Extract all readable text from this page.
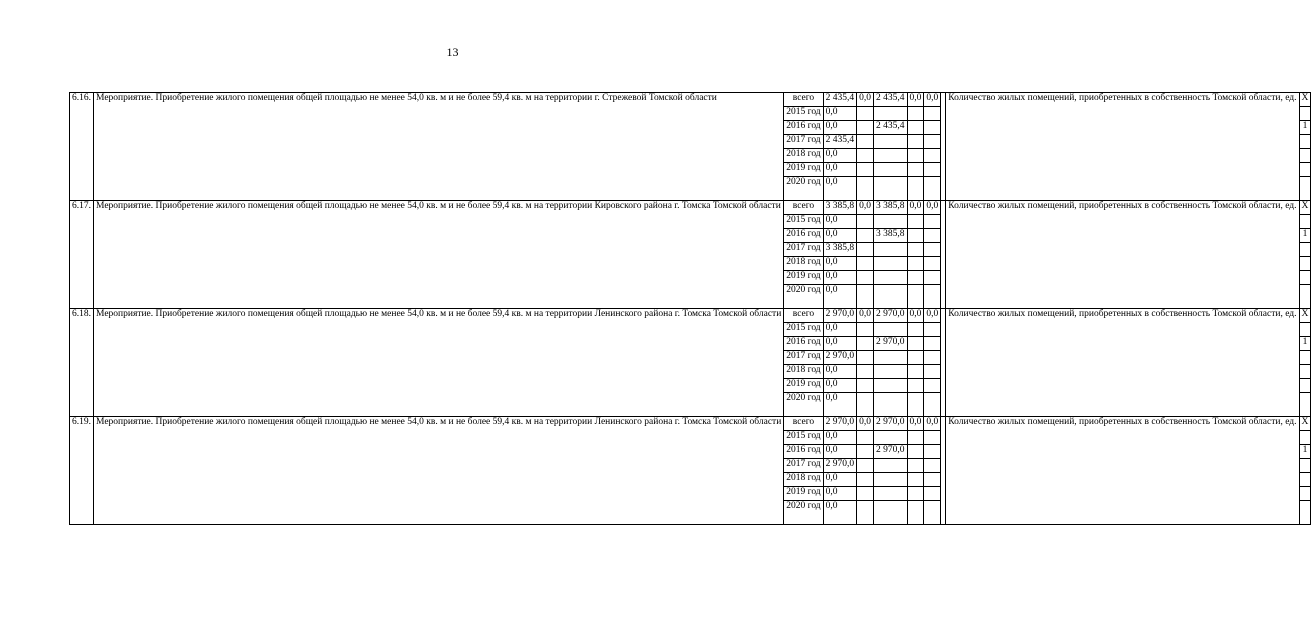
13
6.16.	Мероприятие. Приобретение жилого помещения общей площадью не менее 54,0 кв. м и не более 59,4 кв. м на территории г. Стрежевой Томской области	всего	2 435,4	0,0	2 435,4	0,0	0,0		Количество жилых помещений, приобретенных в собственность Томской области, ед.	X
		2015 год	0,0							
		2016 год	0,0		2 435,4					1
		2017 год	2 435,4							
		2018 год	0,0							
		2019 год	0,0							
		2020 год	0,0							
6.17.	Мероприятие. Приобретение жилого помещения общей площадью не менее 54,0 кв. м и не более 59,4 кв. м на территории Кировского района г. Томска Томской области	всего	3 385,8	0,0	3 385,8	0,0	0,0		Количество жилых помещений, приобретенных в собственность Томской области, ед.	X
		2015 год	0,0							
		2016 год	0,0		3 385,8					1
		2017 год	3 385,8							
		2018 год	0,0							
		2019 год	0,0							
		2020 год	0,0							
6.18.	Мероприятие. Приобретение жилого помещения общей площадью не менее 54,0 кв. м и не более 59,4 кв. м на территории Ленинского района г. Томска Томской области	всего	2 970,0	0,0	2 970,0	0,0	0,0		Количество жилых помещений, приобретенных в собственность Томской области, ед.	X
		2015 год	0,0							
		2016 год	0,0		2 970,0					1
		2017 год	2 970,0							
		2018 год	0,0							
		2019 год	0,0							
		2020 год	0,0							
6.19.	Мероприятие. Приобретение жилого помещения общей площадью не менее 54,0 кв. м и не более 59,4 кв. м на территории Ленинского района г. Томска Томской области	всего	2 970,0	0,0	2 970,0	0,0	0,0		Количество жилых помещений, приобретенных в собственность Томской области, ед.	X
		2015 год	0,0							
		2016 год	0,0		2 970,0					1
		2017 год	2 970,0							
		2018 год	0,0							
		2019 год	0,0							
		2020 год	0,0							
